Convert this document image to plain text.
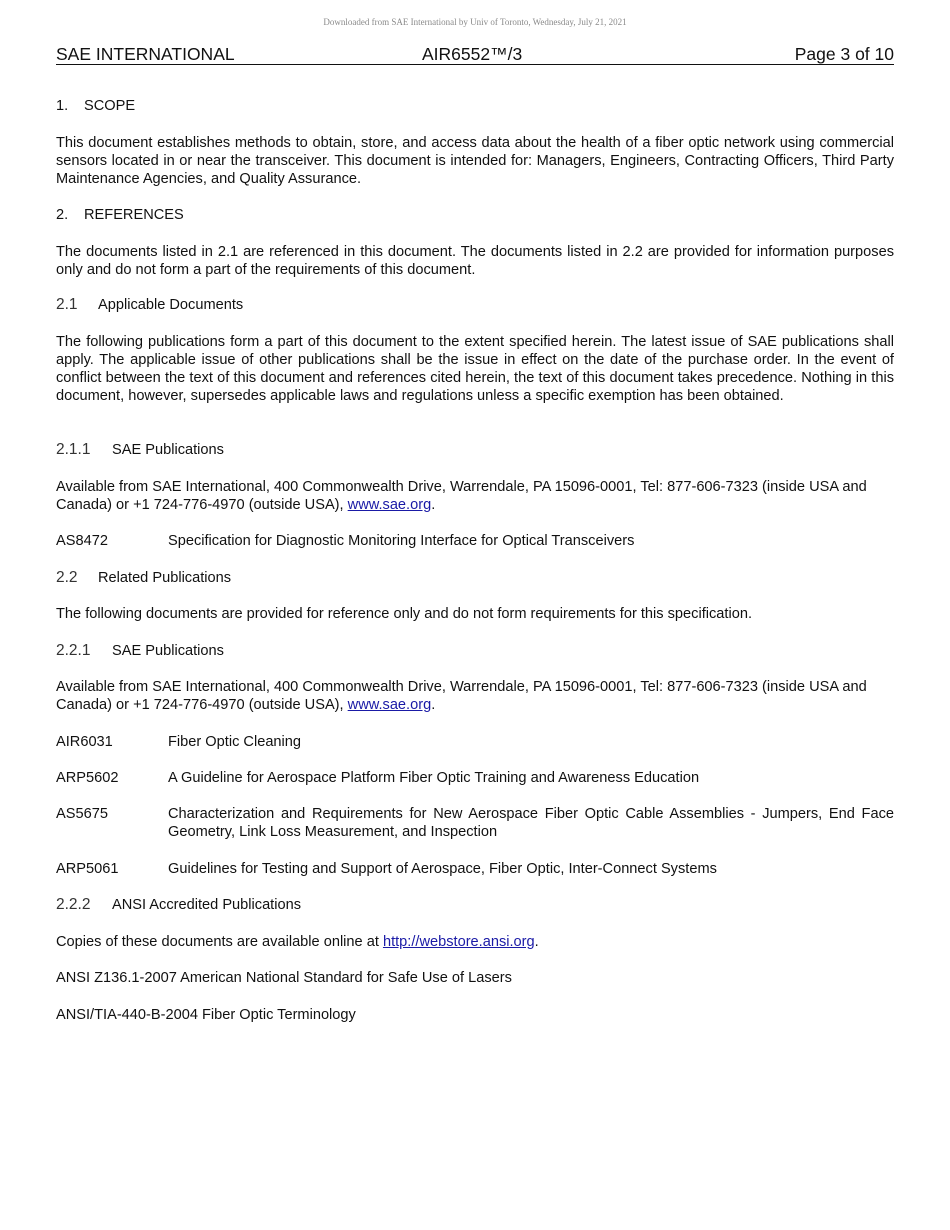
Downloaded from SAE International by Univ of Toronto, Wednesday, July 21, 2021
SAE INTERNATIONAL	AIR6552™/3	Page 3 of 10
1. SCOPE
This document establishes methods to obtain, store, and access data about the health of a fiber optic network using commercial sensors located in or near the transceiver. This document is intended for: Managers, Engineers, Contracting Officers, Third Party Maintenance Agencies, and Quality Assurance.
2. REFERENCES
The documents listed in 2.1 are referenced in this document. The documents listed in 2.2 are provided for information purposes only and do not form a part of the requirements of this document.
2.1 Applicable Documents
The following publications form a part of this document to the extent specified herein. The latest issue of SAE publications shall apply. The applicable issue of other publications shall be the issue in effect on the date of the purchase order. In the event of conflict between the text of this document and references cited herein, the text of this document takes precedence. Nothing in this document, however, supersedes applicable laws and regulations unless a specific exemption has been obtained.
2.1.1 SAE Publications
Available from SAE International, 400 Commonwealth Drive, Warrendale, PA 15096-0001, Tel: 877-606-7323 (inside USA and Canada) or +1 724-776-4970 (outside USA), www.sae.org.
AS8472	Specification for Diagnostic Monitoring Interface for Optical Transceivers
2.2 Related Publications
The following documents are provided for reference only and do not form requirements for this specification.
2.2.1 SAE Publications
Available from SAE International, 400 Commonwealth Drive, Warrendale, PA 15096-0001, Tel: 877-606-7323 (inside USA and Canada) or +1 724-776-4970 (outside USA), www.sae.org.
AIR6031	Fiber Optic Cleaning
ARP5602	A Guideline for Aerospace Platform Fiber Optic Training and Awareness Education
AS5675	Characterization and Requirements for New Aerospace Fiber Optic Cable Assemblies - Jumpers, End Face Geometry, Link Loss Measurement, and Inspection
ARP5061	Guidelines for Testing and Support of Aerospace, Fiber Optic, Inter-Connect Systems
2.2.2 ANSI Accredited Publications
Copies of these documents are available online at http://webstore.ansi.org.
ANSI Z136.1-2007 American National Standard for Safe Use of Lasers
ANSI/TIA-440-B-2004 Fiber Optic Terminology
